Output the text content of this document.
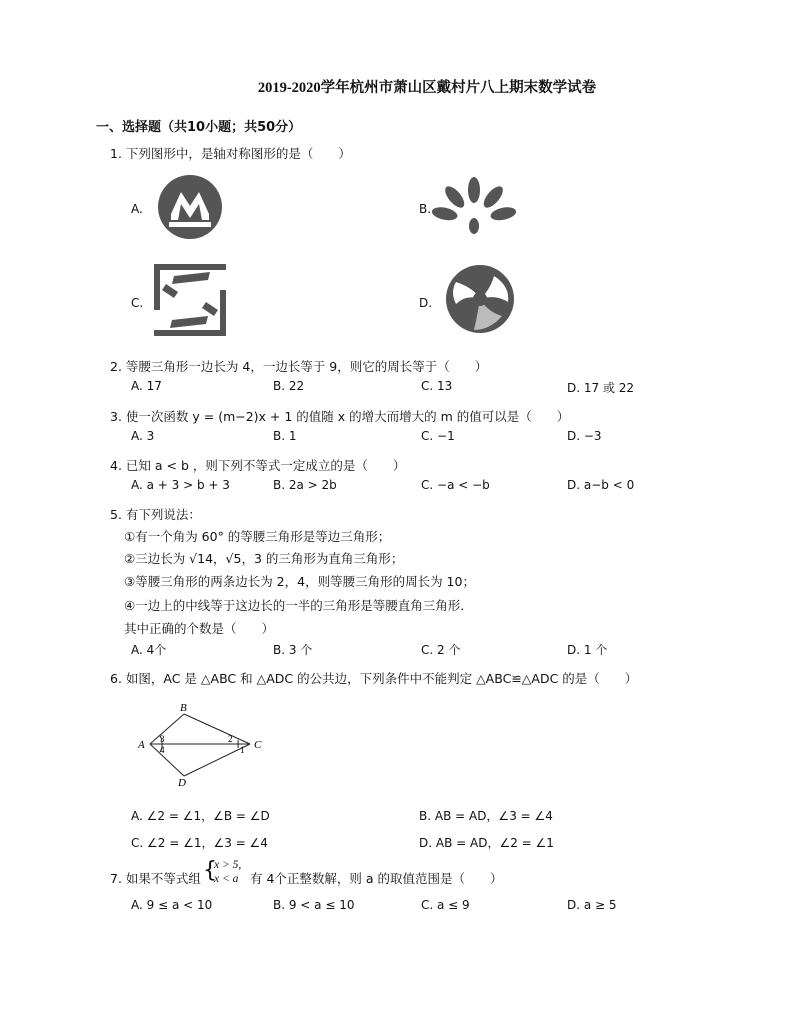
2019-2020学年杭州市萧山区戴村片八上期末数学试卷
一、选择题（共10小题；共50分）
1. 下列图形中，是轴对称图形的是（　　）
A.	B.
C.	D.
2. 等腰三角形一边长为 4，一边长等于 9，则它的周长等于（　　）
A. 17	B. 22	C. 13	D. 17 或 22
3. 使一次函数 y = (m−2)x + 1 的值随 x 的增大而增大的 m 的值可以是（　　）
A. 3	B. 1	C. −1	D. −3
4. 已知 a < b ，则下列不等式一定成立的是（　　）
A. a + 3 > b + 3	B. 2a > 2b	C. −a < −b	D. a−b < 0
5. 有下列说法：
①有一个角为 60° 的等腰三角形是等边三角形；
②三边长为 √14，√5，3 的三角形为直角三角形；
③等腰三角形的两条边长为 2，4，则等腰三角形的周长为 10；
④一边上的中线等于这边长的一半的三角形是等腰直角三角形．
其中正确的个数是（　　）
A. 4个	B. 3 个	C. 2 个	D. 1 个
6. 如图，AC 是 △ABC 和 △ADC 的公共边，下列条件中不能判定 △ABC≌△ADC 的是（　　）
A
B
C
D
3
4
2
1
A. ∠2 = ∠1，∠B = ∠D	B. AB = AD，∠3 = ∠4
C. ∠2 = ∠1，∠3 = ∠4	D. AB = AD，∠2 = ∠1
7. 如果不等式组 {
x > 5,
x < a 有 4个正整数解，则 a 的取值范围是（　　）
A. 9 ≤ a < 10	B. 9 < a ≤ 10	C. a ≤ 9	D. a ≥ 5
